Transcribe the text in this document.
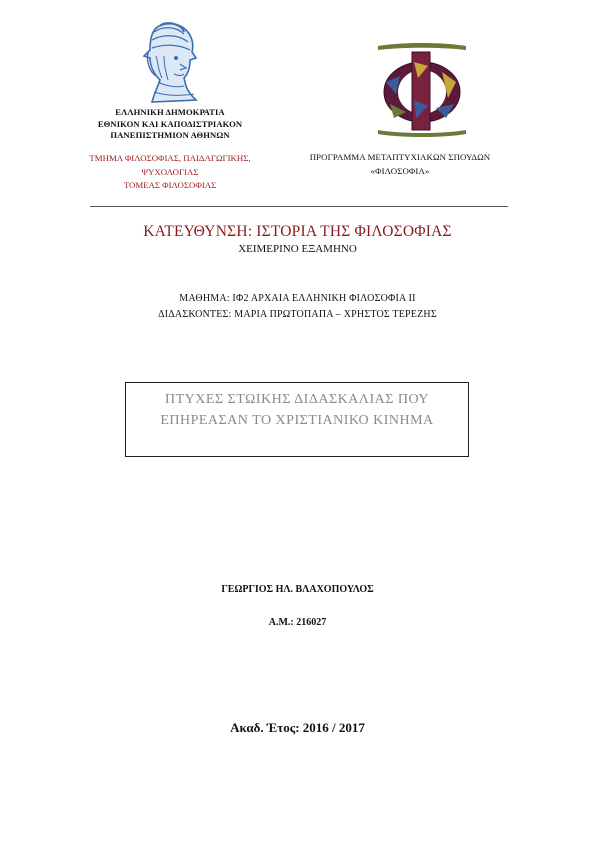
ΕΛΛΗΝΙΚΗ ΔΗΜΟΚΡΑΤΙΑ
ΕΘΝΙΚΟΝ ΚΑΙ ΚΑΠΟΔΙΣΤΡΙΑΚΟΝ
ΠΑΝΕΠΙΣΤΗΜΙΟΝ ΑΘΗΝΩΝ
ΤΜΗΜΑ ΦΙΛΟΣΟΦΙΑΣ, ΠΑΙΔΑΓΩΓΙΚΗΣ,
ΨΥΧΟΛΟΓΙΑΣ
ΤΟΜΕΑΣ ΦΙΛΟΣΟΦΙΑΣ
ΠΡΟΓΡΑΜΜΑ ΜΕΤΑΠΤΥΧΙΑΚΩΝ ΣΠΟΥΔΩΝ
«ΦΙΛΟΣΟΦΙΑ»
ΚΑΤΕΥΘΥΝΣΗ: ΙΣΤΟΡΙΑ ΤΗΣ ΦΙΛΟΣΟΦΙΑΣ
ΧΕΙΜΕΡΙΝΟ ΕΞΑΜΗΝΟ
ΜΑΘΗΜΑ: ΙΦ2 ΑΡΧΑΙΑ ΕΛΛΗΝΙΚΗ ΦΙΛΟΣΟΦΙΑ ΙΙ
ΔΙΔΑΣΚΟΝΤΕΣ: ΜΑΡΙΑ ΠΡΩΤΟΠΑΠΑ – ΧΡΗΣΤΟΣ ΤΕΡΕΖΗΣ
ΠΤΥΧΕΣ ΣΤΩΙΚΗΣ ΔΙΔΑΣΚΑΛΙΑΣ ΠΟΥ
ΕΠΗΡΕΑΣΑΝ ΤΟ ΧΡΙΣΤΙΑΝΙΚΟ ΚΙΝΗΜΑ
ΓΕΩΡΓΙΟΣ ΗΛ. ΒΛΑΧΟΠΟΥΛΟΣ
Α.Μ.: 216027
Ακαδ. Έτος: 2016 / 2017
